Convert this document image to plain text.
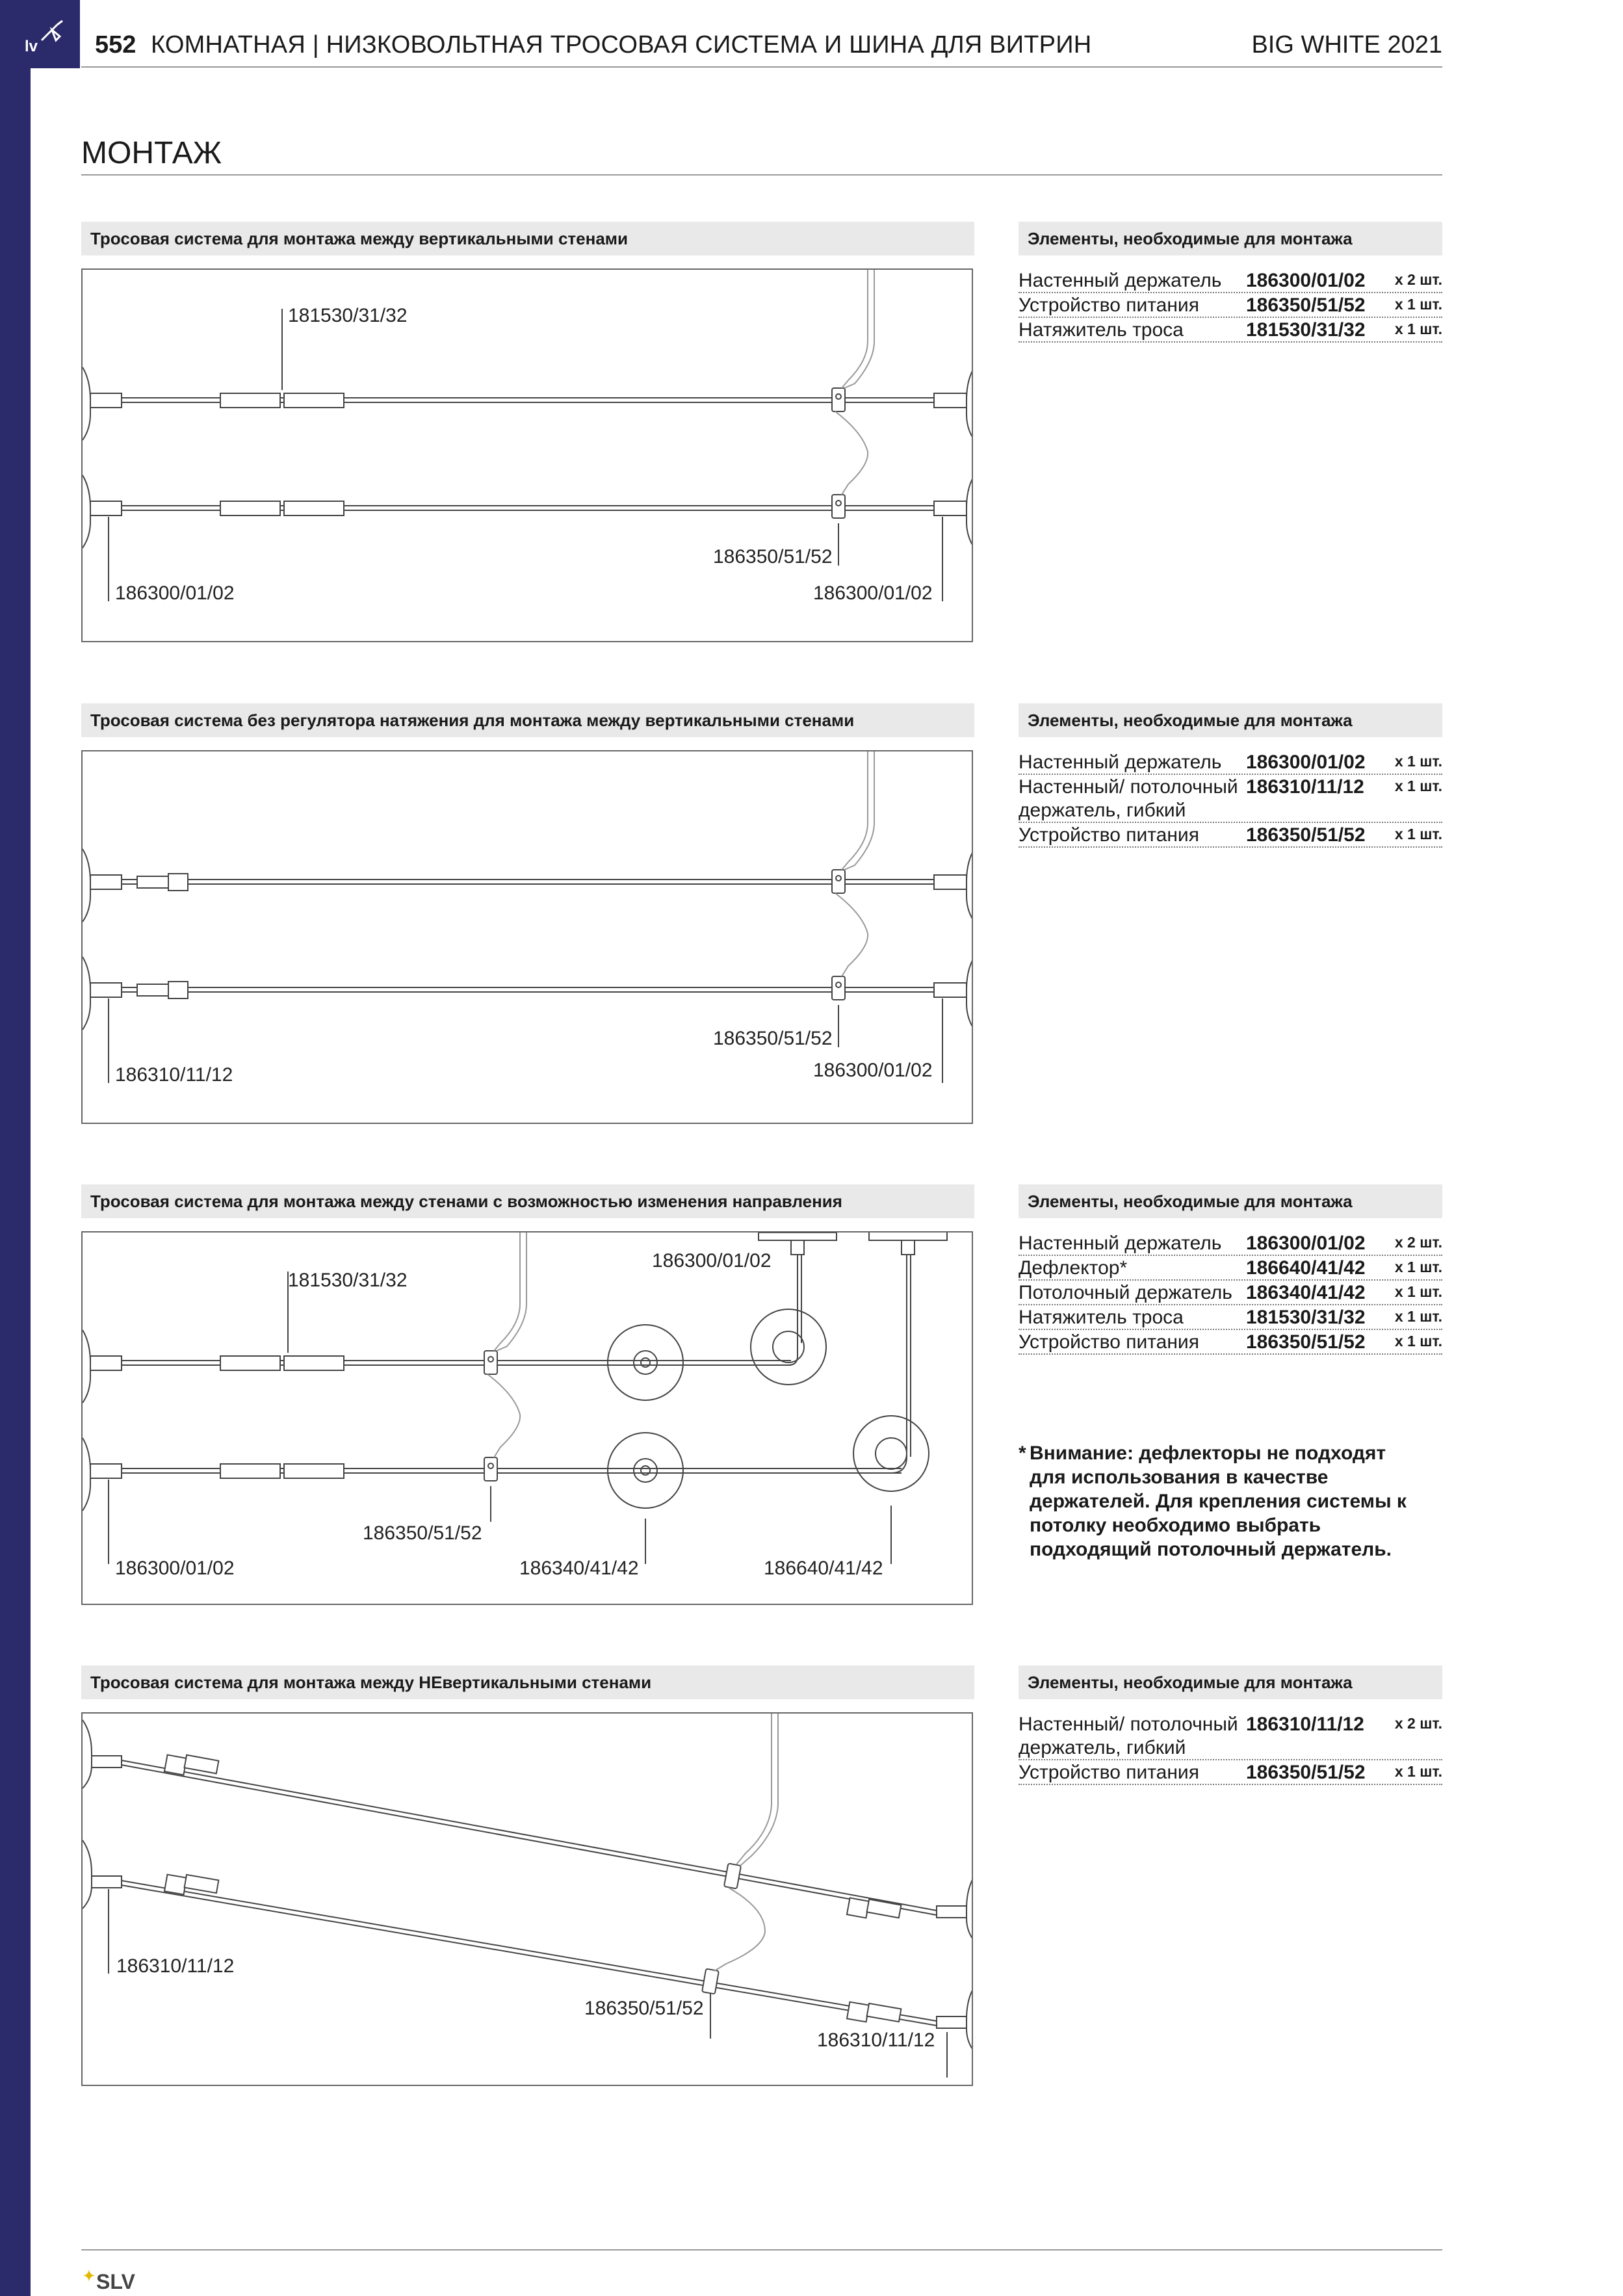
lv 552 КОМНАТНАЯ | НИЗКОВОЛЬТНАЯ ТРОСОВАЯ СИСТЕМА И ШИНА ДЛЯ ВИТРИН	BIG WHITE 2021
МОНТАЖ
Тросовая система для монтажа между вертикальными стенами	Элементы, необходимые для монтажа
181530/31/32
186350/51/52
186300/01/02	186300/01/02
Настенный держатель 186300/01/02 x 2 шт.
Устройство питания 186350/51/52 x 1 шт.
Натяжитель троса	181530/31/32 x 1 шт.
Тросовая система без регулятора натяжения для монтажа между вертикальными стенами	Элементы, необходимые для монтажа
186350/51/52
186310/11/12	186300/01/02
Настенный держатель 186300/01/02 x 1 шт.
Настенный/ потолочный
держатель, гибкий
186310/11/12 x 1 шт.
Устройство питания 186350/51/52 x 1 шт.
Тросовая система для монтажа между стенами с возможностью изменения направления	Элементы, необходимые для монтажа
186300/01/02
181530/31/32
186350/51/52
186300/01/02	186340/41/42	186640/41/42
Настенный держатель 186300/01/02 x 2 шт.
Дефлектор*	186640/41/42 x 1 шт.
Потолочный держатель 186340/41/42 x 1 шт.
Натяжитель троса	181530/31/32 x 1 шт.
Устройство питания 186350/51/52 x 1 шт.
* Внимание: дефлекторы не подходят для использования в качестве держателей. Для крепления системы к потолку необходимо выбрать подходящий потолочный держатель.
Тросовая система для монтажа между НЕвертикальными стенами	Элементы, необходимые для монтажа
186310/11/12
186350/51/52
186310/11/12
Настенный/ потолочный
держатель, гибкий
186310/11/12 x 2 шт.
Устройство питания 186350/51/52 x 1 шт.
✦ SLV
